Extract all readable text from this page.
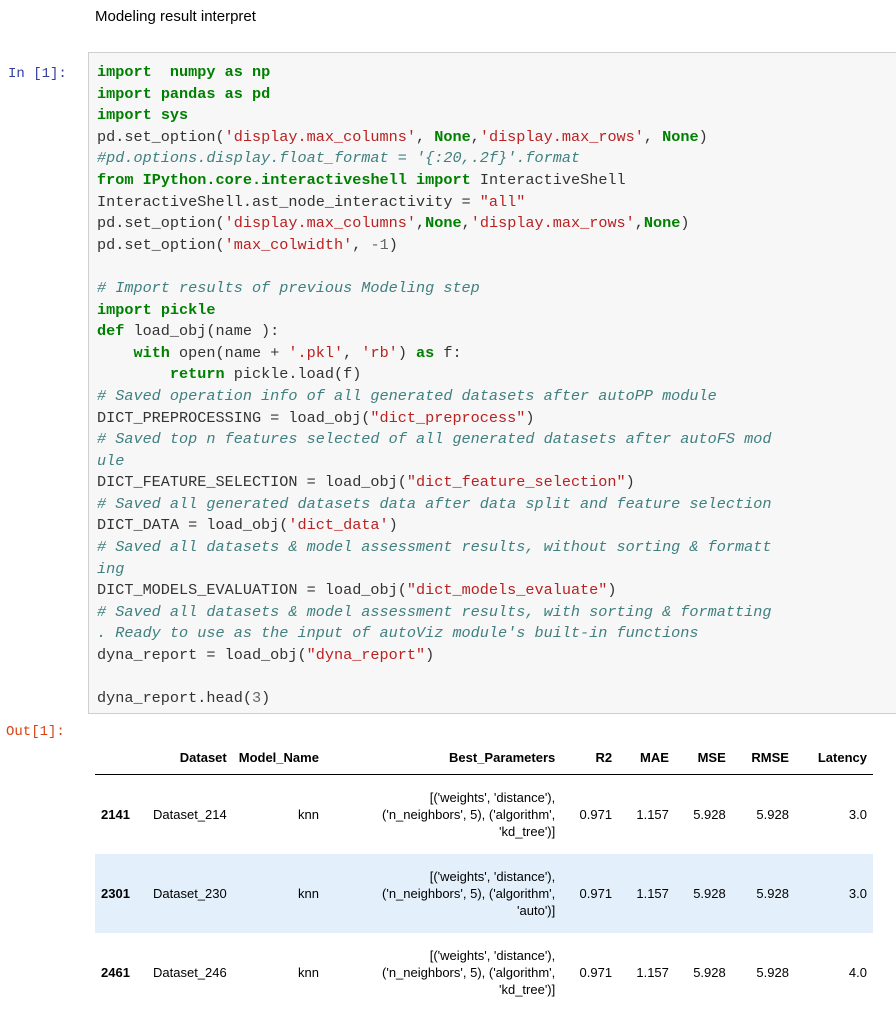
Modeling result interpret
In [1]: import numpy as np
import pandas as pd
import sys
pd.set_option('display.max_columns', None,'display.max_rows', None)
#pd.options.display.float_format = '{:20,.2f}'.format
from IPython.core.interactiveshell import InteractiveShell
InteractiveShell.ast_node_interactivity = "all"
pd.set_option('display.max_columns',None,'display.max_rows',None)
pd.set_option('max_colwidth', -1)

# Import results of previous Modeling step
import pickle
def load_obj(name ):
with open(name + '.pkl', 'rb') as f:
return pickle.load(f)
# Saved operation info of all generated datasets after autoPP module
DICT_PREPROCESSING = load_obj("dict_preprocess")
# Saved top n features selected of all generated datasets after autoFS mod
ule
DICT_FEATURE_SELECTION = load_obj("dict_feature_selection")
# Saved all generated datasets data after data split and feature selection
DICT_DATA = load_obj('dict_data')
# Saved all datasets & model assessment results, without sorting & formatt
ing
DICT_MODELS_EVALUATION = load_obj("dict_models_evaluate")
# Saved all datasets & model assessment results, with sorting & formatting
. Ready to use as the input of autoViz module's built-in functions
dyna_report = load_obj("dyna_report")

dyna_report.head(3)
Out[1]:
	Dataset	Model_Name	Best_Parameters	R2	MAE	MSE	RMSE	Latency
2141	Dataset_214	knn	[('weights', 'distance'),
('n_neighbors', 5), ('algorithm',
'kd_tree')]	0.971	1.157	5.928	5.928	3.0
2301	Dataset_230	knn	[('weights', 'distance'),
('n_neighbors', 5), ('algorithm',
'auto')]	0.971	1.157	5.928	5.928	3.0
2461	Dataset_246	knn	[('weights', 'distance'),
('n_neighbors', 5), ('algorithm',
'kd_tree')]	0.971	1.157	5.928	5.928	4.0
